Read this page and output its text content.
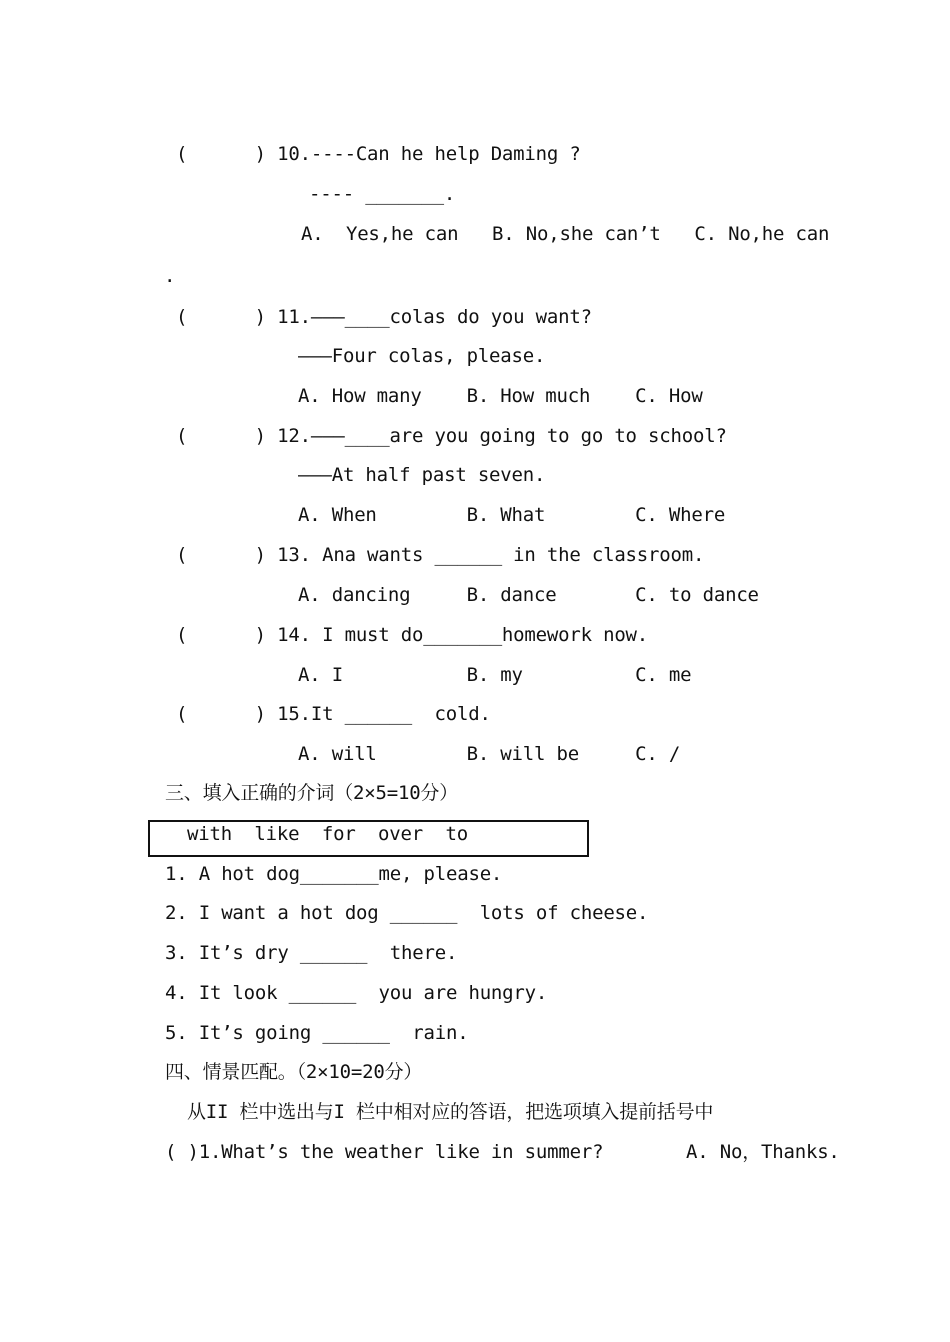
(      ) 10.----Can he help Daming ?
---- _______.
A.  Yes,he can   B. No,she can’t   C. No,he can
.
(      ) 11.———____colas do you want?
———Four colas, please.
A. How many    B. How much    C. How
(      ) 12.———____are you going to go to school?
———At half past seven.
A. When        B. What        C. Where
(      ) 13. Ana wants ______ in the classroom.
A. dancing     B. dance       C. to dance
(      ) 14. I must do_______homework now.
A. I           B. my          C. me
(      ) 15.It ______  cold.
A. will        B. will be     C. /
三、填入正确的介词（2×5=10分）
with  like  for  over  to
1. A hot dog_______me, please.
2. I want a hot dog ______  lots of cheese.
3. It’s dry ______  there.
4. It look ______  you are hungry.
5. It’s going ______  rain.
四、情景匹配。（2×10=20分）
从II 栏中选出与I 栏中相对应的答语，把选项填入提前括号中
( )1.What’s the weather like in summer?	A. No，Thanks.
